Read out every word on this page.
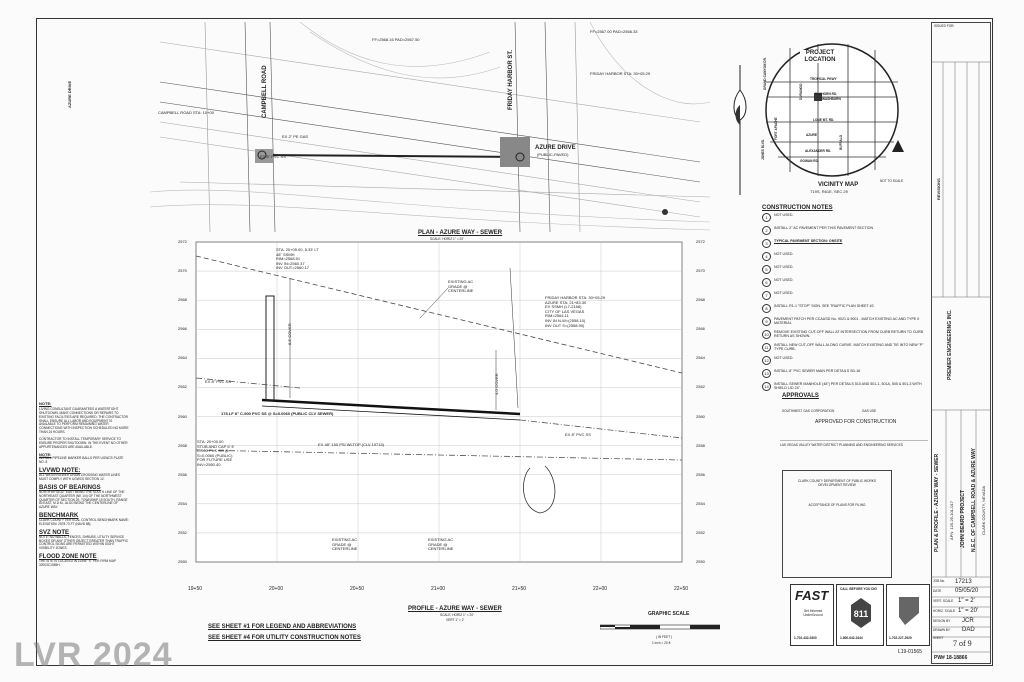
AZURE DRIVE	CAMPBELL ROAD	FRIDAY HARBOR ST.
AZURE DRIVE
(PUBLIC-PAVED)
CAMPBELL ROAD STA: 10+00
FF=2568.16 PAD=2567.50
FF=2567.00 PAD=2566.33
FRIDAY HARBOR STA: 30+05.29
EX 2" PE GAS
EX 6" PVC SS
PLAN - AZURE WAY - SEWER
SCALE: HORIZ 1" = 20'
2572	2572
2570	2570
2568	2568
2566	2566
2564	2564
2562	2562
2560	2560
2558	2558
2556	2556
2554	2554
2552	2552
2550	2550
19+50	20+00	20+50	21+00	21+50	22+00	22+50
178 LF 8" C-900 PVC SS @ S=0.0060 (PUBLIC CLV SEWER)
STA: 20+00.00
STUB AND CAP 5' E
C-900 PVC SS @
S=0.0060 (PUBLIC)
FOR FUTURE USE
INV=2560.40
STA: 20+05.00, 5.33' LT
48" SSMH
RIM=2568.91
INV IN=2560.37
INV OUT=2560.17
FRIDAY HARBOR STA: 30+05.29
AZURE STA: 21+83.30
EX SSMH (L7-2168)
CITY OF LAS VEGAS
RIM=2564.11
INV IN N-W=(2558.10)
INV OUT S=(2558.90)
EXISTING AC GRADE @ CENTERLINE
EXISTING AC GRADE @ CENTERLINE
EXISTING AC GRADE @ CENTERLINE
EX 8" PVC SS
EX 8" PVC SS
EX 48" 150 PSI WLTOP (CLV 10715)
8.5' COVER
4.0' COVER
PROFILE - AZURE WAY - SEWER
SCALE: HORIZ 1" = 20'
VERT 1" = 2'
SEE SHEET #1 FOR LEGEND AND ABBREVIATIONS
SEE SHEET #4 FOR UTILITY CONSTRUCTION NOTES
GRAPHIC SCALE
( IN FEET )
1 inch = 20 ft.
NOTE:
LIVING CONSULTANT GUARANTEES A WATERTIGHT SHUTDOWN. MAKE CONNECTIONS OR REPAIRS TO EXISTING FACILITIES ARE REQUIRED. THE CONTRACTOR SHALL ENSURE ALL LABOR AND EQUIPMENT IS AVAILABLE TO PERFORM REMAINING WATER CONNECTIONS WITH INSPECTION SCHEDULED NO MORE THAN 24 HOURS.
CONTRACTOR TO INSTALL TEMPORARY SERVICE TO ENSURE PROPER SHUTDOWN. IN THE EVENT NO OTHER APPURTENANCES ARE AVAILABLE.
NOTE:
INSTALL PIPELINE MARKER BALLS PER UGWCS PLATE NO. 8
LVVWD NOTE:
ALL WATER/SEWER DRAIN CROSSING WATER LINES MUST COMPLY WITH UGWCS SECTION 12.
BASIS OF BEARINGS
NORTH 89°45'32" EAST BEING THE SOUTH LINE OF THE NORTHEAST QUARTER (NE 1/4) OF THE NORTHWEST QUARTER OF SECTION 29, TOWNSHIP 19 SOUTH, RANGE 60 EAST, M.D.M., ALSO BEING THE CENTERLINE OF AZURE WAY.
BENCHMARK
CLARK COUNTY VERTICAL CONTROL BENCHMARK NAME: ELEVATION: 2578.73 FT (NAVD 88).
SVZ NOTE
NOTE: NO WALLS, FENCES, SHRUBS, UTILITY SERVICE BOXES OR ANY OTHER OBJECT GREATER THAN TRAFFIC CONTROL SIGNS ARE PERMITTED WITHIN SIGHT VISIBILITY ZONES.
FLOOD ZONE NOTE
THE SITE IS LOCATED IN ZONE "X" PER FIRM MAP 32003C1565H
PROJECT LOCATION
VICINITY MAP
T19S, R61E, SEC 29
NOT TO SCALE
GRAND CANYON DR.	TROPICAL PKWY
ELKHORN RD.
WASHBURN
LONE MT. RD.
ALEXANDER RD.
GOWAN RD.
AZURE
DURANGO
BUFFALO
FORT APACHE
JONES BLVD.
CONSTRUCTION NOTES
1	NOT USED.
2	INSTALL 2" AC PAVEMENT PER THIS PAVEMENT SECTION
3	TYPICAL PAVEMENT SECTION: ONSITE
4	NOT USED.
5	NOT USED.
6	NOT USED.
7	NOT USED.
8	INSTALL R1-1 "STOP" SIGN. SEE TRAFFIC PLAN SHEET #3
9	PAVEMENT PATCH PER CCAUSD No. 9021 & 9001 - MATCH EXISTING AC AND TYPE II MATERIAL
10	REMOVE EXISTING CUT-OFF WALL AT INTERSECTION FROM CURB RETURN TO CURB RETURN AS SHOWN.
11	INSTALL NEW CUT-OFF WALL ALONG CURVE. MATCH EXISTING AND TIE INTO NEW "P" TYPE CURB.
12	NOT USED.
13	INSTALL 8" PVC SEWER MAIN PER DETAILS SD-16
14	INSTALL SEWER MANHOLE (48") PER DETAILS 510 AND 501-1, 501A, 505 & 501-3 WITH SHIELD LID 24".
APPROVALS
SOUTHWEST GAS CORPORATION	GAS USE
APPROVED FOR CONSTRUCTION
LAS VEGAS VALLEY WATER DISTRICT PLANNING AND ENGINEERING SERVICES
CLARK COUNTY DEPARTMENT OF PUBLIC WORKS DEVELOPMENT REVIEW
ACCEPTANCE OF PLANS FOR FILING
ISSUED FOR:
REVISIONS
PREMIER ENGINEERING INC.
PLAN & PROFILE - AZURE WAY - SEWER APN: 125-29-101-017 JOHN BEARD PROJECT N.E.C. OF CAMPBELL ROAD & AZURE WAY CLARK COUNTY, NEVADA
JOB No. 17213
DATE 05/05/20
VERT. SCALE 1" = 2'
HORIZ. SCALE 1" = 20'
DESIGN BY JCR
DRAWN BY DAD
SHEET
7 of 9
PW# 18-18866
L19-01565
FAST
Get Informed UnderGround
1-702-432-0300
CALL BEFORE YOU DIG
811
1-800-642-2444	1-702-227-2929
LVR 2024
